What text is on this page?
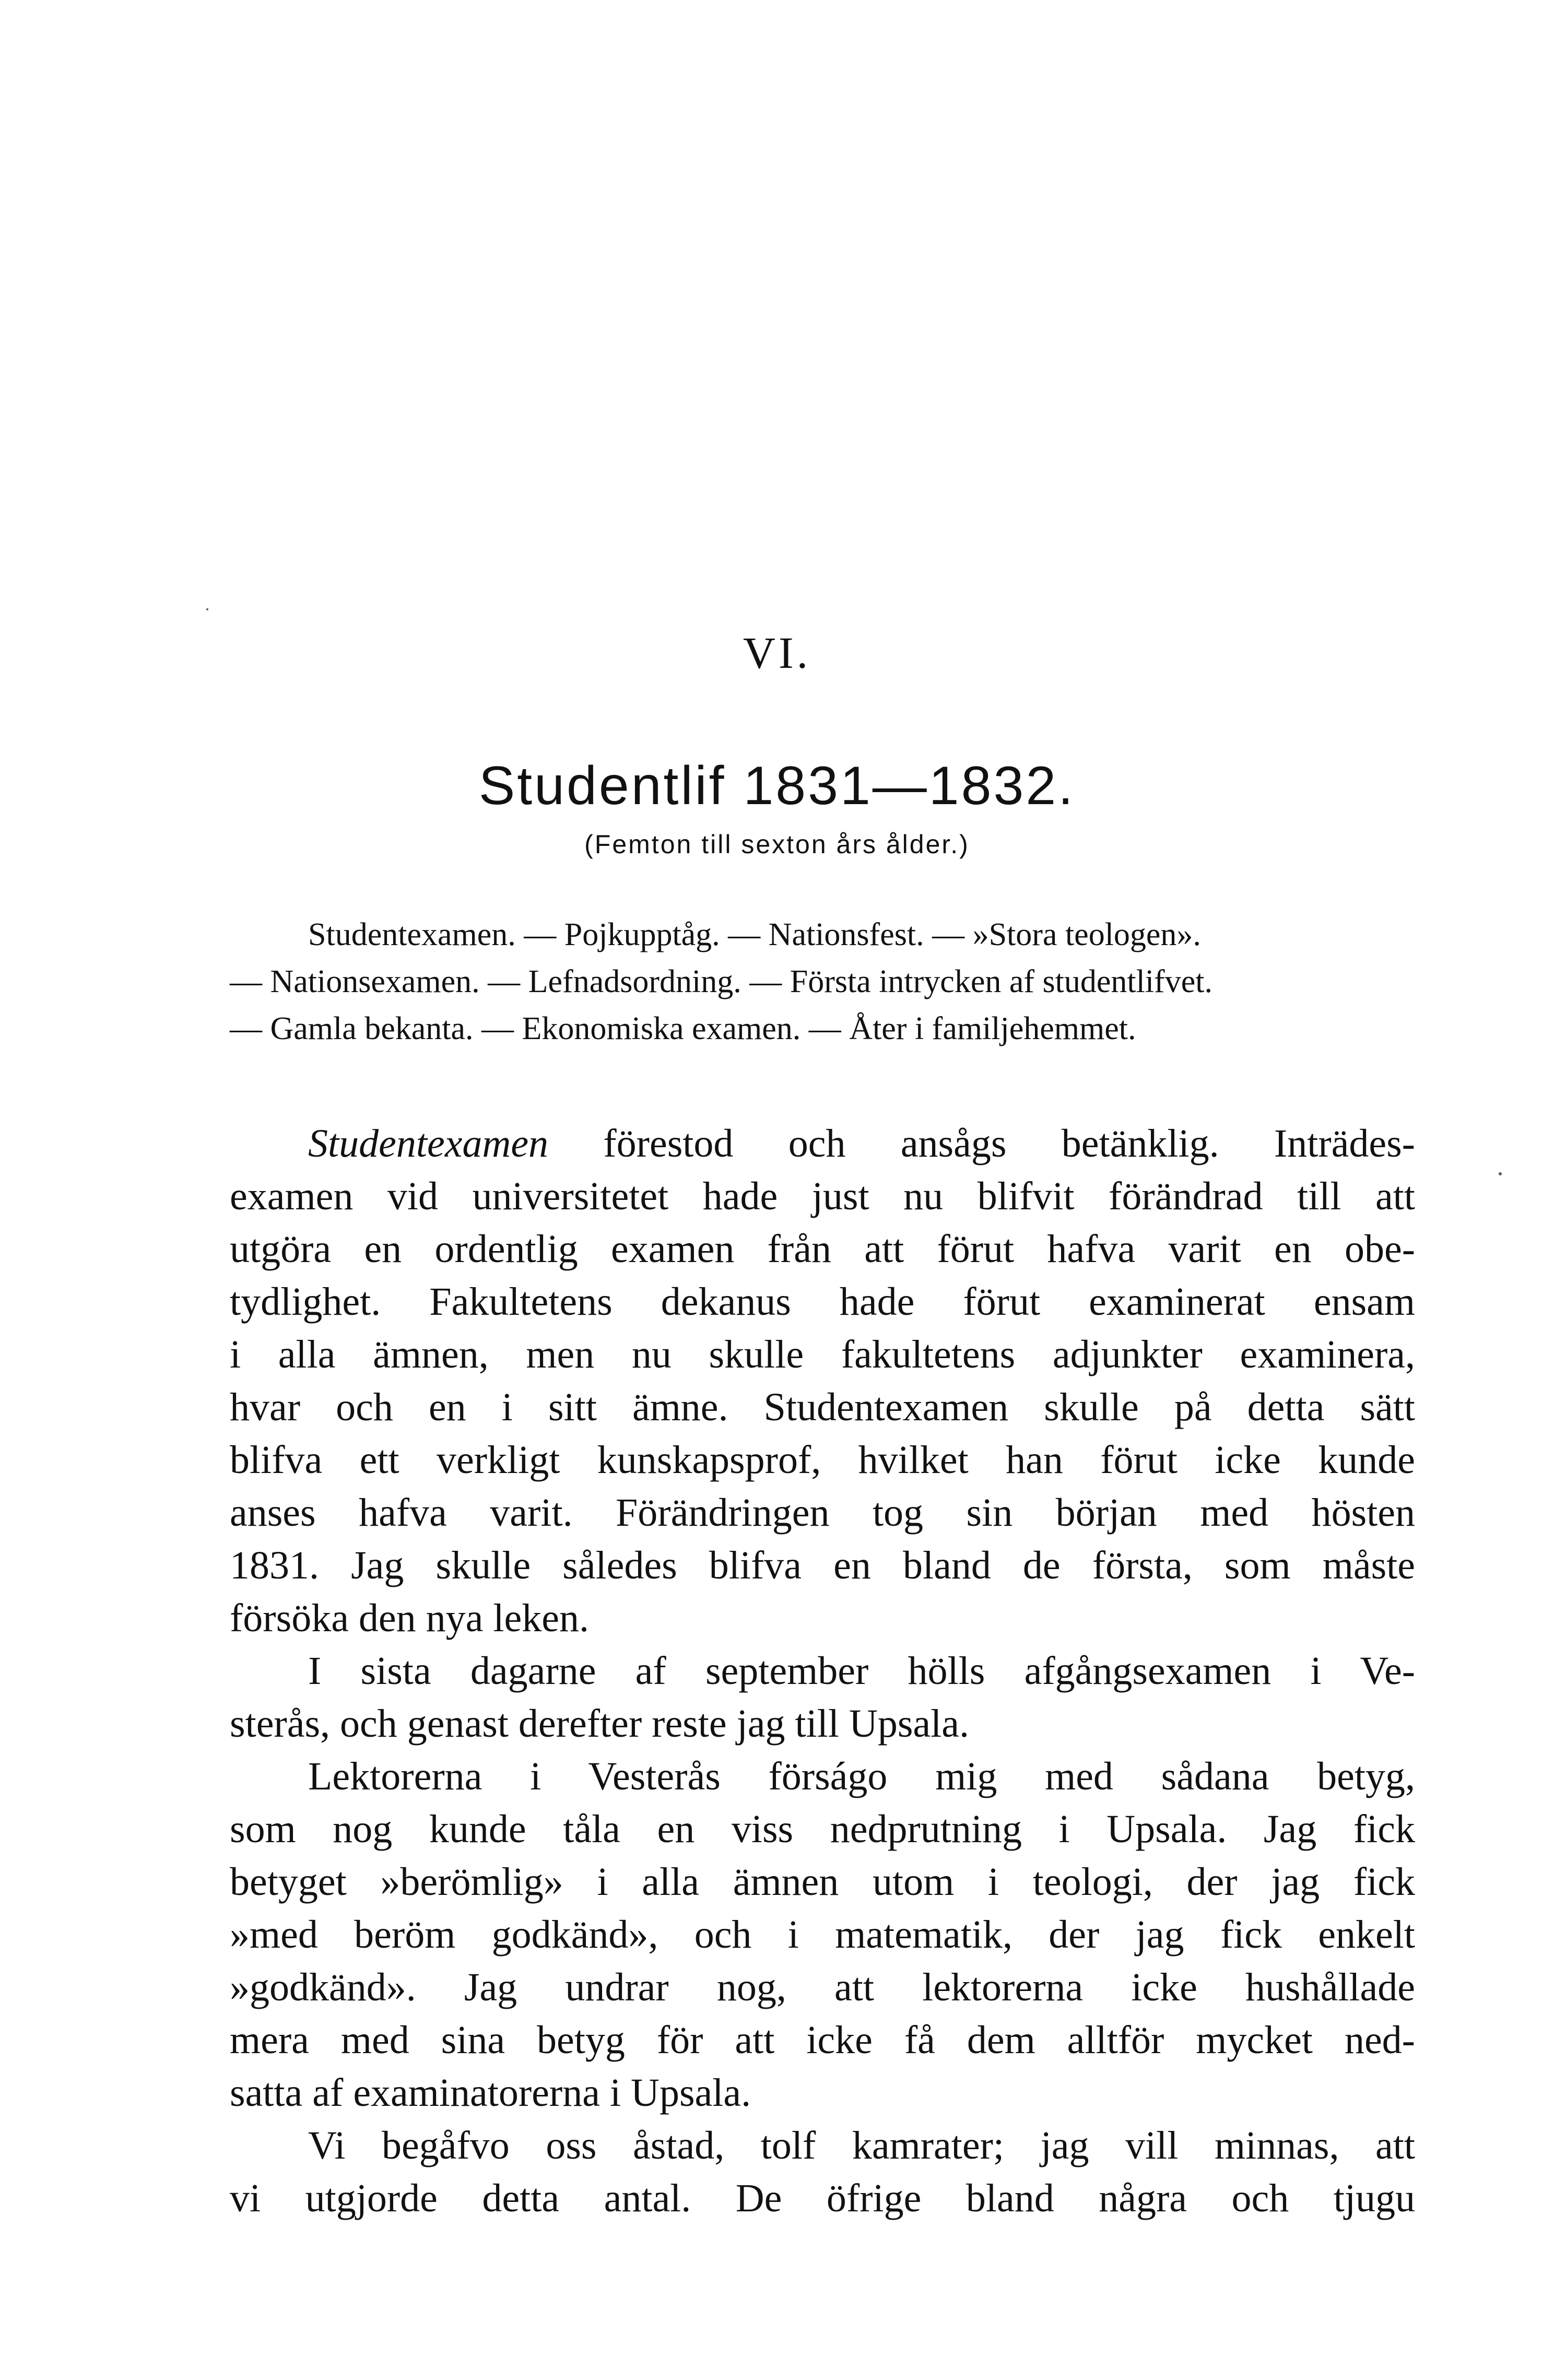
VI.
Studentlif 1831—1832.
(Femton till sexton års ålder.)
Studentexamen. — Pojkupptåg. — Nationsfest. — »Stora teologen».
— Nationsexamen. — Lefnadsordning. — Första intrycken af studentlifvet.
— Gamla bekanta. — Ekonomiska examen. — Åter i familjehemmet.

Studentexamen förestod och ansågs betänklig. Inträdes-
examen vid universitetet hade just nu blifvit förändrad till att
utgöra en ordentlig examen från att förut hafva varit en obe-
tydlighet. Fakultetens dekanus hade förut examinerat ensam
i alla ämnen, men nu skulle fakultetens adjunkter examinera,
hvar och en i sitt ämne. Studentexamen skulle på detta sätt
blifva ett verkligt kunskapsprof, hvilket han förut icke kunde
anses hafva varit. Förändringen tog sin början med hösten
1831. Jag skulle således blifva en bland de första, som måste
försöka den nya leken.

I sista dagarne af september hölls afgångsexamen i Ve-
sterås, och genast derefter reste jag till Upsala.

Lektorerna i Vesterås förságo mig med sådana betyg,
som nog kunde tåla en viss nedprutning i Upsala. Jag fick
betyget »berömlig» i alla ämnen utom i teologi, der jag fick
»med beröm godkänd», och i matematik, der jag fick enkelt
»godkänd». Jag undrar nog, att lektorerna icke hushållade
mera med sina betyg för att icke få dem alltför mycket ned-
satta af examinatorerna i Upsala.

Vi begåfvo oss åstad, tolf kamrater; jag vill minnas, att
vi utgjorde detta antal. De öfrige bland några och tjugu
